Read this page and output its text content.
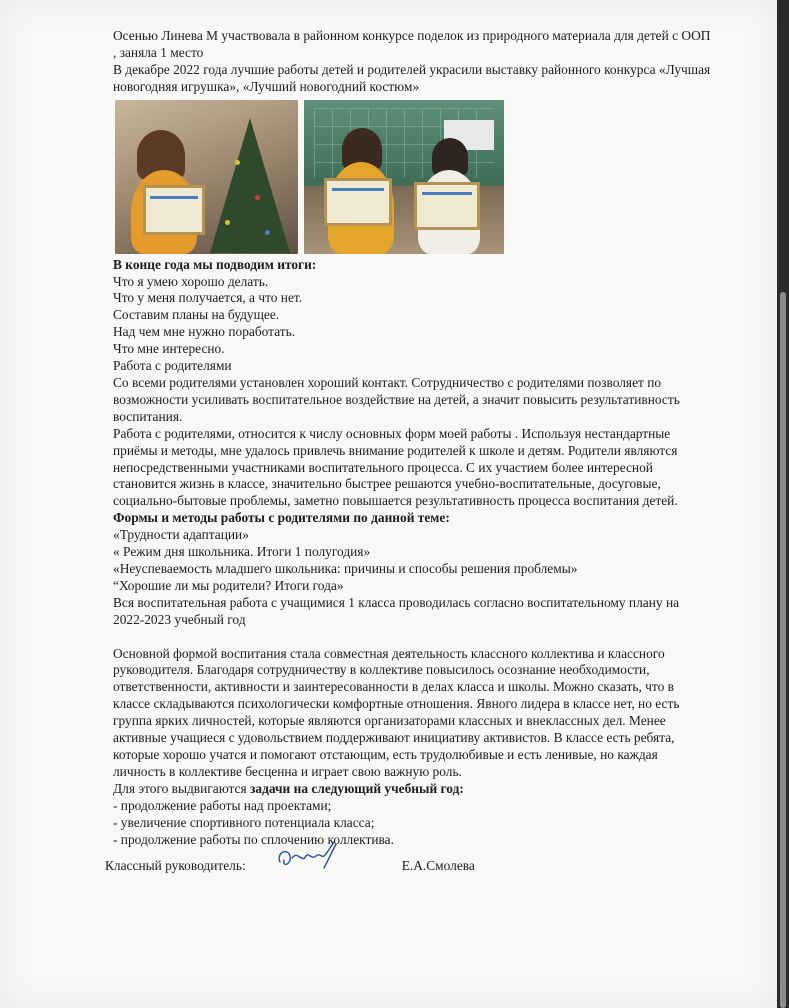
Осенью Линева М участвовала в районном конкурсе поделок из природного материала для детей с ООП , заняла 1 место

В декабре 2022 года лучшие работы детей и родителей украсили выставку районного конкурса «Лучшая новогодняя игрушка», «Лучший новогодний костюм»

В конце года мы подводим итоги:

Что я умею хорошо делать.

Что у меня получается, а что нет.

Составим планы на будущее.

Над чем мне нужно поработать.

Что мне интересно.

Работа с родителями

Со всеми родителями установлен хороший контакт. Сотрудничество с родителями позволяет по возможности усиливать воспитательное воздействие на детей, а значит повысить результативность воспитания.

Работа с родителями, относится к числу основных форм моей работы . Используя нестандартные приёмы и методы, мне удалось привлечь внимание родителей к школе и детям. Родители являются непосредственными участниками воспитательного процесса. С их участием более интересной становится жизнь в классе, значительно быстрее решаются учебно-воспитательные, досуговые, социально-бытовые проблемы, заметно повышается результативность процесса воспитания детей.

Формы и методы работы с родителями по данной теме:

«Трудности адаптации»

« Режим дня школьника. Итоги 1 полугодия»

«Неуспеваемость младшего школьника: причины и способы решения проблемы»

“Хорошие ли мы родители? Итоги года»

Вся воспитательная работа с учащимися 1 класса проводилась согласно воспитательному плану на 2022-2023 учебный год

Основной формой воспитания стала совместная деятельность классного коллектива и классного руководителя. Благодаря сотрудничеству в коллективе повысилось осознание необходимости, ответственности, активности и заинтересованности в делах класса и школы. Можно сказать, что в классе складываются психологически комфортные отношения. Явного лидера в классе нет, но есть группа ярких личностей, которые являются организаторами классных и внеклассных дел. Менее активные учащиеся с удовольствием поддерживают инициативу активистов. В классе есть ребята, которые хорошо учатся и помогают отстающим, есть трудолюбивые и есть ленивые, но каждая личность в коллективе бесценна и играет свою важную роль.

Для этого выдвигаются задачи на следующий учебный год:

- продолжение работы над проектами;

- увеличение спортивного потенциала класса;

- продолжение работы по сплочению коллектива.

Классный руководитель:	Е.А.Смолева
